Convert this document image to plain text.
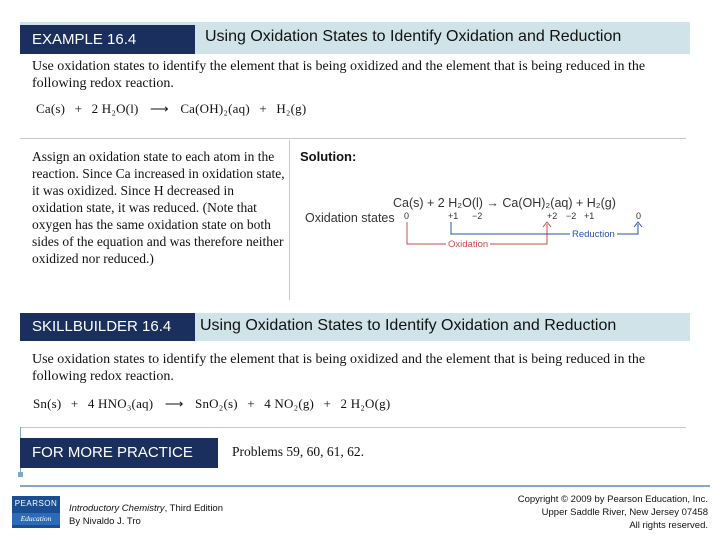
EXAMPLE 16.4	Using Oxidation States to Identify Oxidation and Reduction
Use oxidation states to identify the element that is being oxidized and the element that is being reduced in the following redox reaction.
Ca(s) + 2 H₂O(l) ⟶ Ca(OH)₂(aq) + H₂(g)
Assign an oxidation state to each atom in the reaction. Since Ca increased in oxidation state, it was oxidized. Since H decreased in oxidation state, it was reduced. (Note that oxygen has the same oxidation state on both sides of the equation and was therefore neither oxidized nor reduced.)
Solution:
Oxidation states
Ca(s) + 2 H₂O(l) → Ca(OH)₂(aq) + H₂(g)
0	+1 −2	+2 −2 +1	0
Reduction
Oxidation
SKILLBUILDER 16.4	Using Oxidation States to Identify Oxidation and Reduction
Use oxidation states to identify the element that is being oxidized and the element that is being reduced in the following redox reaction.
Sn(s) + 4 HNO₃(aq) ⟶ SnO₂(s) + 4 NO₂(g) + 2 H₂O(g)
FOR MORE PRACTICE	Problems 59, 60, 61, 62.
PEARSON
Education
Introductory Chemistry, Third Edition
By Nivaldo J. Tro
Copyright © 2009 by Pearson Education, Inc.
Upper Saddle River, New Jersey 07458
All rights reserved.
